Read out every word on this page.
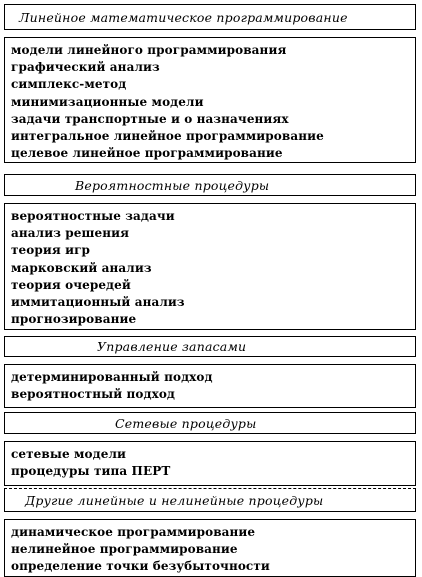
Линейное математическое программирование
модели линейного программирования
графический анализ
симплекс-метод
минимизационные модели
задачи транспортные и о назначениях
интегральное линейное программирование
целевое линейное программирование
Вероятностные процедуры
вероятностные задачи
анализ решения
теория игр
марковский анализ
теория очередей
иммитационный анализ
прогнозирование
Управление запасами
детерминированный подход
вероятностный подход
Сетевые процедуры
сетевые модели
процедуры типа ПЕРТ
Другие линейные и нелинейные процедуры
динамическое программирование
нелинейное программирование
определение точки безубыточности
